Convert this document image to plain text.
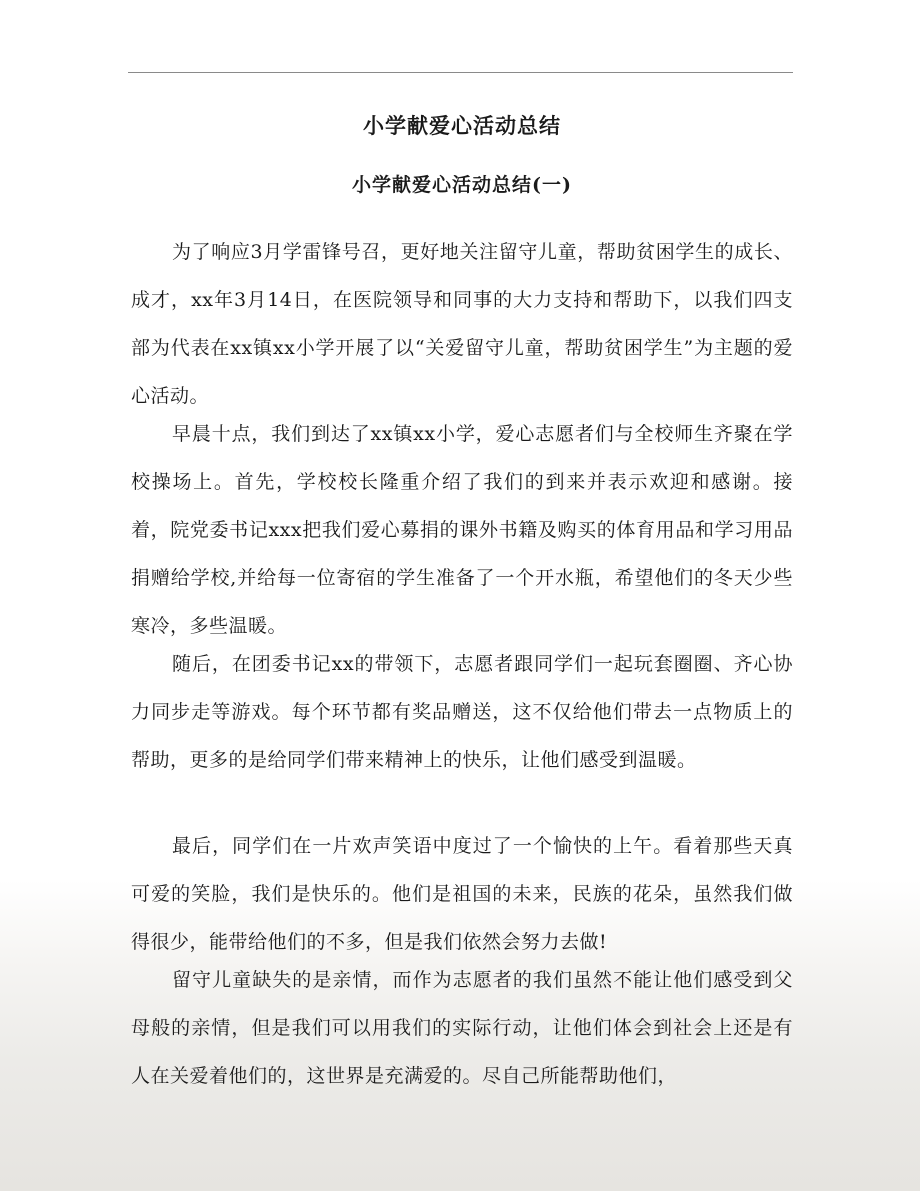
小学献爱心活动总结
小学献爱心活动总结(一)

为了响应3月学雷锋号召，更好地关注留守儿童，帮助贫困学生的成长、成才，xx年3月14日，在医院领导和同事的大力支持和帮助下，以我们四支部为代表在xx镇xx小学开展了以“关爱留守儿童，帮助贫困学生”为主题的爱心活动。

早晨十点，我们到达了xx镇xx小学，爱心志愿者们与全校师生齐聚在学校操场上。首先，学校校长隆重介绍了我们的到来并表示欢迎和感谢。接着，院党委书记xxx把我们爱心募捐的课外书籍及购买的体育用品和学习用品捐赠给学校,并给每一位寄宿的学生准备了一个开水瓶，希望他们的冬天少些寒冷，多些温暖。

随后，在团委书记xx的带领下，志愿者跟同学们一起玩套圈圈、齐心协力同步走等游戏。每个环节都有奖品赠送，这不仅给他们带去一点物质上的帮助，更多的是给同学们带来精神上的快乐，让他们感受到温暖。

最后，同学们在一片欢声笑语中度过了一个愉快的上午。看着那些天真可爱的笑脸，我们是快乐的。他们是祖国的未来，民族的花朵，虽然我们做得很少，能带给他们的不多，但是我们依然会努力去做!

留守儿童缺失的是亲情，而作为志愿者的我们虽然不能让他们感受到父母般的亲情，但是我们可以用我们的实际行动，让他们体会到社会上还是有人在关爱着他们的，这世界是充满爱的。尽自己所能帮助他们，
